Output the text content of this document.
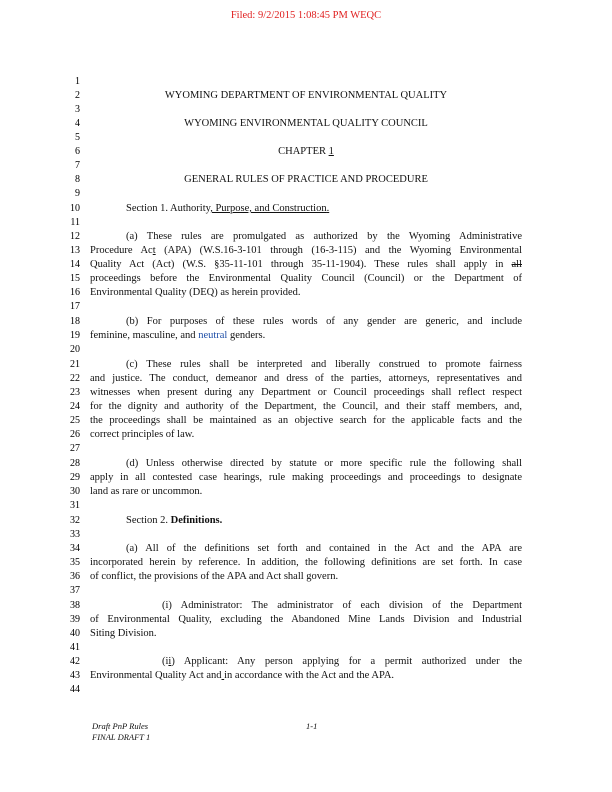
Filed: 9/2/2015 1:08:45 PM WEQC
1
2
3
4
5
6
7
8
9
10
11
12
13
14
15
16
17
18
19
20
21
22
23
24
25
26
27
28
29
30
31
32
33
34
35
36
37
38
39
40
41
42
43
44
WYOMING DEPARTMENT OF ENVIRONMENTAL QUALITY
WYOMING ENVIRONMENTAL QUALITY COUNCIL
CHAPTER 1
GENERAL RULES OF PRACTICE AND PROCEDURE
Section 1. Authority, Purpose, and Construction.
(a) These rules are promulgated as authorized by the Wyoming Administrative
Procedure Act (APA) (W.S.16-3-101 through (16-3-115) and the Wyoming Environmental
Quality Act (Act) (W.S. §35-11-101 through 35-11-1904). These rules shall apply in all
proceedings before the Environmental Quality Council (Council) or the Department of
Environmental Quality (DEQ) as herein provided.
(b) For purposes of these rules words of any gender are generic, and include
feminine, masculine, and neutral genders.
(c) These rules shall be interpreted and liberally construed to promote fairness
and justice. The conduct, demeanor and dress of the parties, attorneys, representatives and
witnesses when present during any Department or Council proceedings shall reflect respect
for the dignity and authority of the Department, the Council, and their staff members, and,
the proceedings shall be maintained as an objective search for the applicable facts and the
correct principles of law.
(d) Unless otherwise directed by statute or more specific rule the following shall
apply in all contested case hearings, rule making proceedings and proceedings to designate
land as rare or uncommon.
Section 2. Definitions.
(a) All of the definitions set forth and contained in the Act and the APA are
incorporated herein by reference. In addition, the following definitions are set forth. In case
of conflict, the provisions of the APA and Act shall govern.
(i) Administrator: The administrator of each division of the Department
of Environmental Quality, excluding the Abandoned Mine Lands Division and Industrial
Siting Division.
(ii) Applicant: Any person applying for a permit authorized under the
Environmental Quality Act and in accordance with the Act and the APA.
Draft PnP Rules
FINAL DRAFT 1
1-1
